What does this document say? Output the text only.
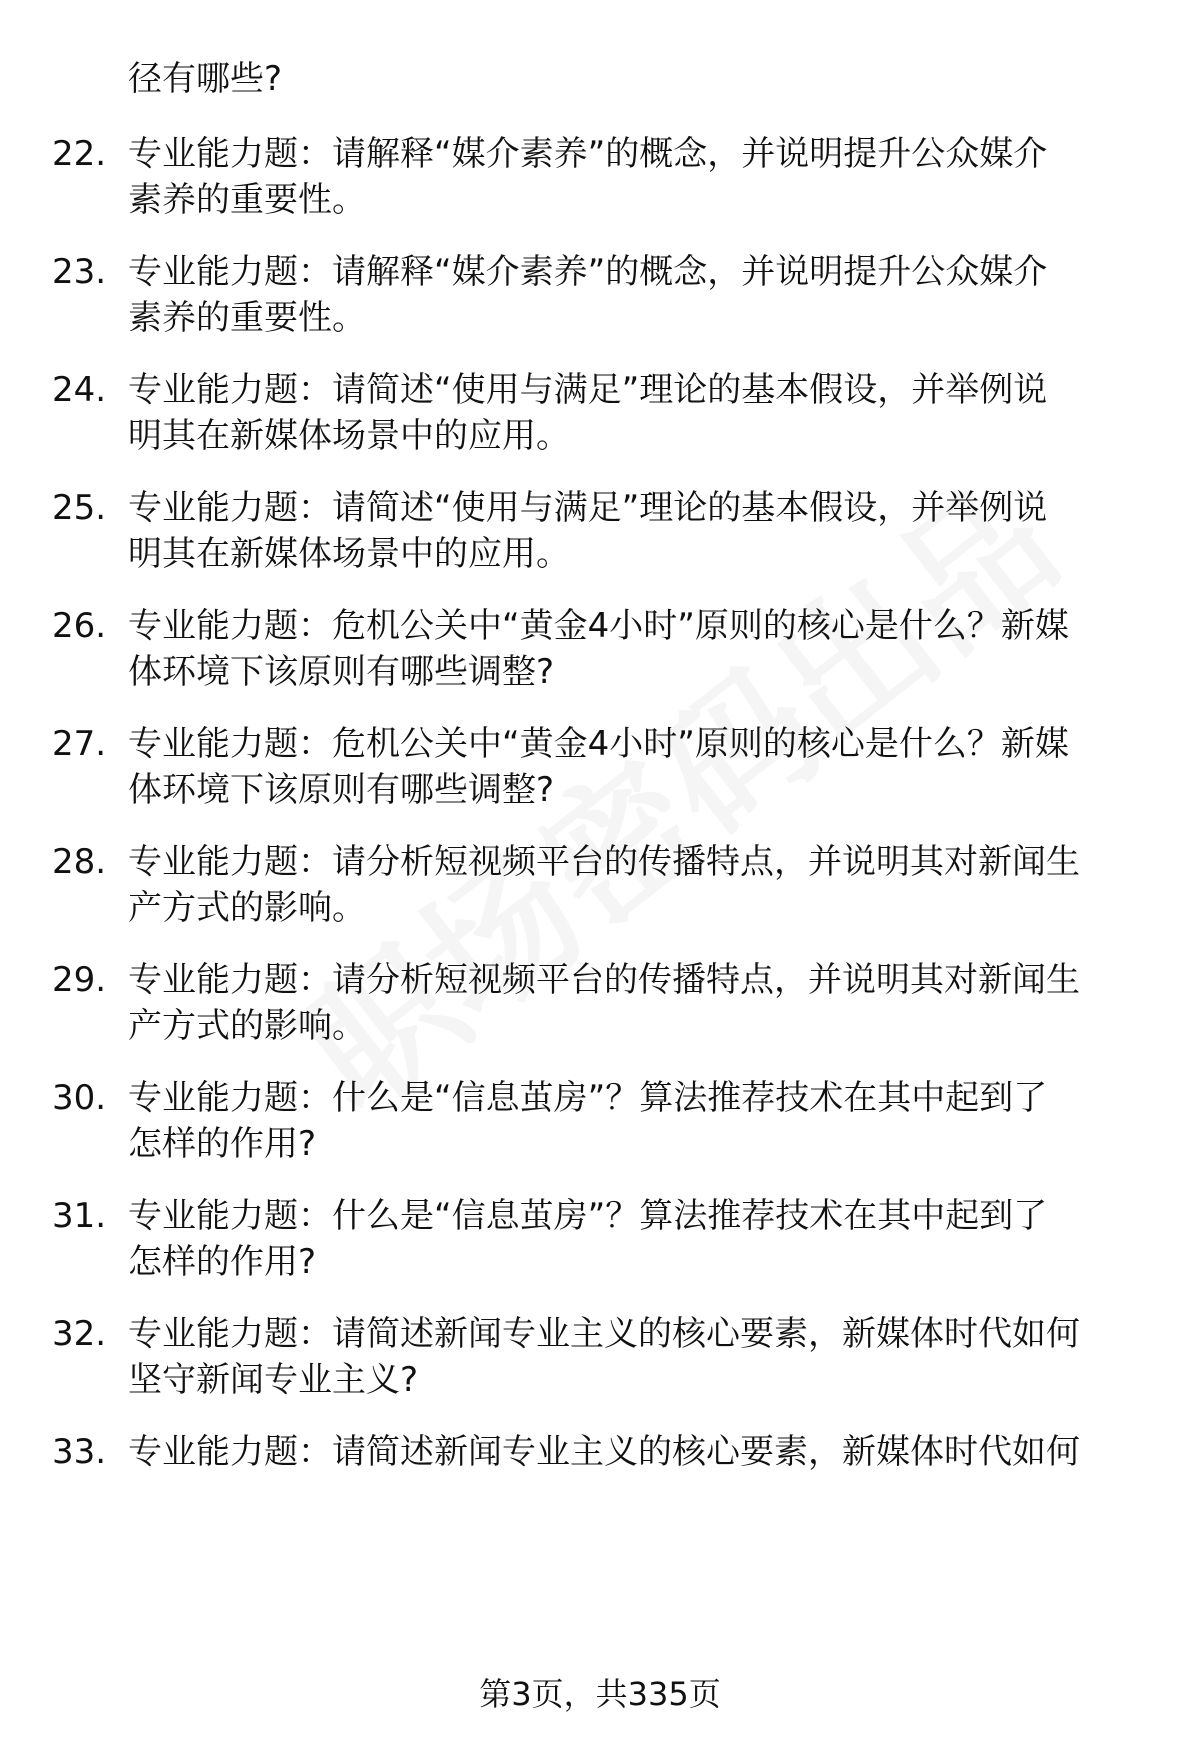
径有哪些?
22. 专业能力题：请解释“媒介素养”的概念，并说明提升公众媒介
素养的重要性。
23. 专业能力题：请解释“媒介素养”的概念，并说明提升公众媒介
素养的重要性。
24. 专业能力题：请简述“使用与满足”理论的基本假设，并举例说
明其在新媒体场景中的应用。
25. 专业能力题：请简述“使用与满足”理论的基本假设，并举例说
明其在新媒体场景中的应用。
26. 专业能力题：危机公关中“黄金4小时”原则的核心是什么？新媒
体环境下该原则有哪些调整?
27. 专业能力题：危机公关中“黄金4小时”原则的核心是什么？新媒
体环境下该原则有哪些调整?
28. 专业能力题：请分析短视频平台的传播特点，并说明其对新闻生
产方式的影响。
29. 专业能力题：请分析短视频平台的传播特点，并说明其对新闻生
产方式的影响。
30. 专业能力题：什么是“信息茧房”？算法推荐技术在其中起到了
怎样的作用?
31. 专业能力题：什么是“信息茧房”？算法推荐技术在其中起到了
怎样的作用?
32. 专业能力题：请简述新闻专业主义的核心要素，新媒体时代如何
坚守新闻专业主义?
33. 专业能力题：请简述新闻专业主义的核心要素，新媒体时代如何
第3页，共335页
